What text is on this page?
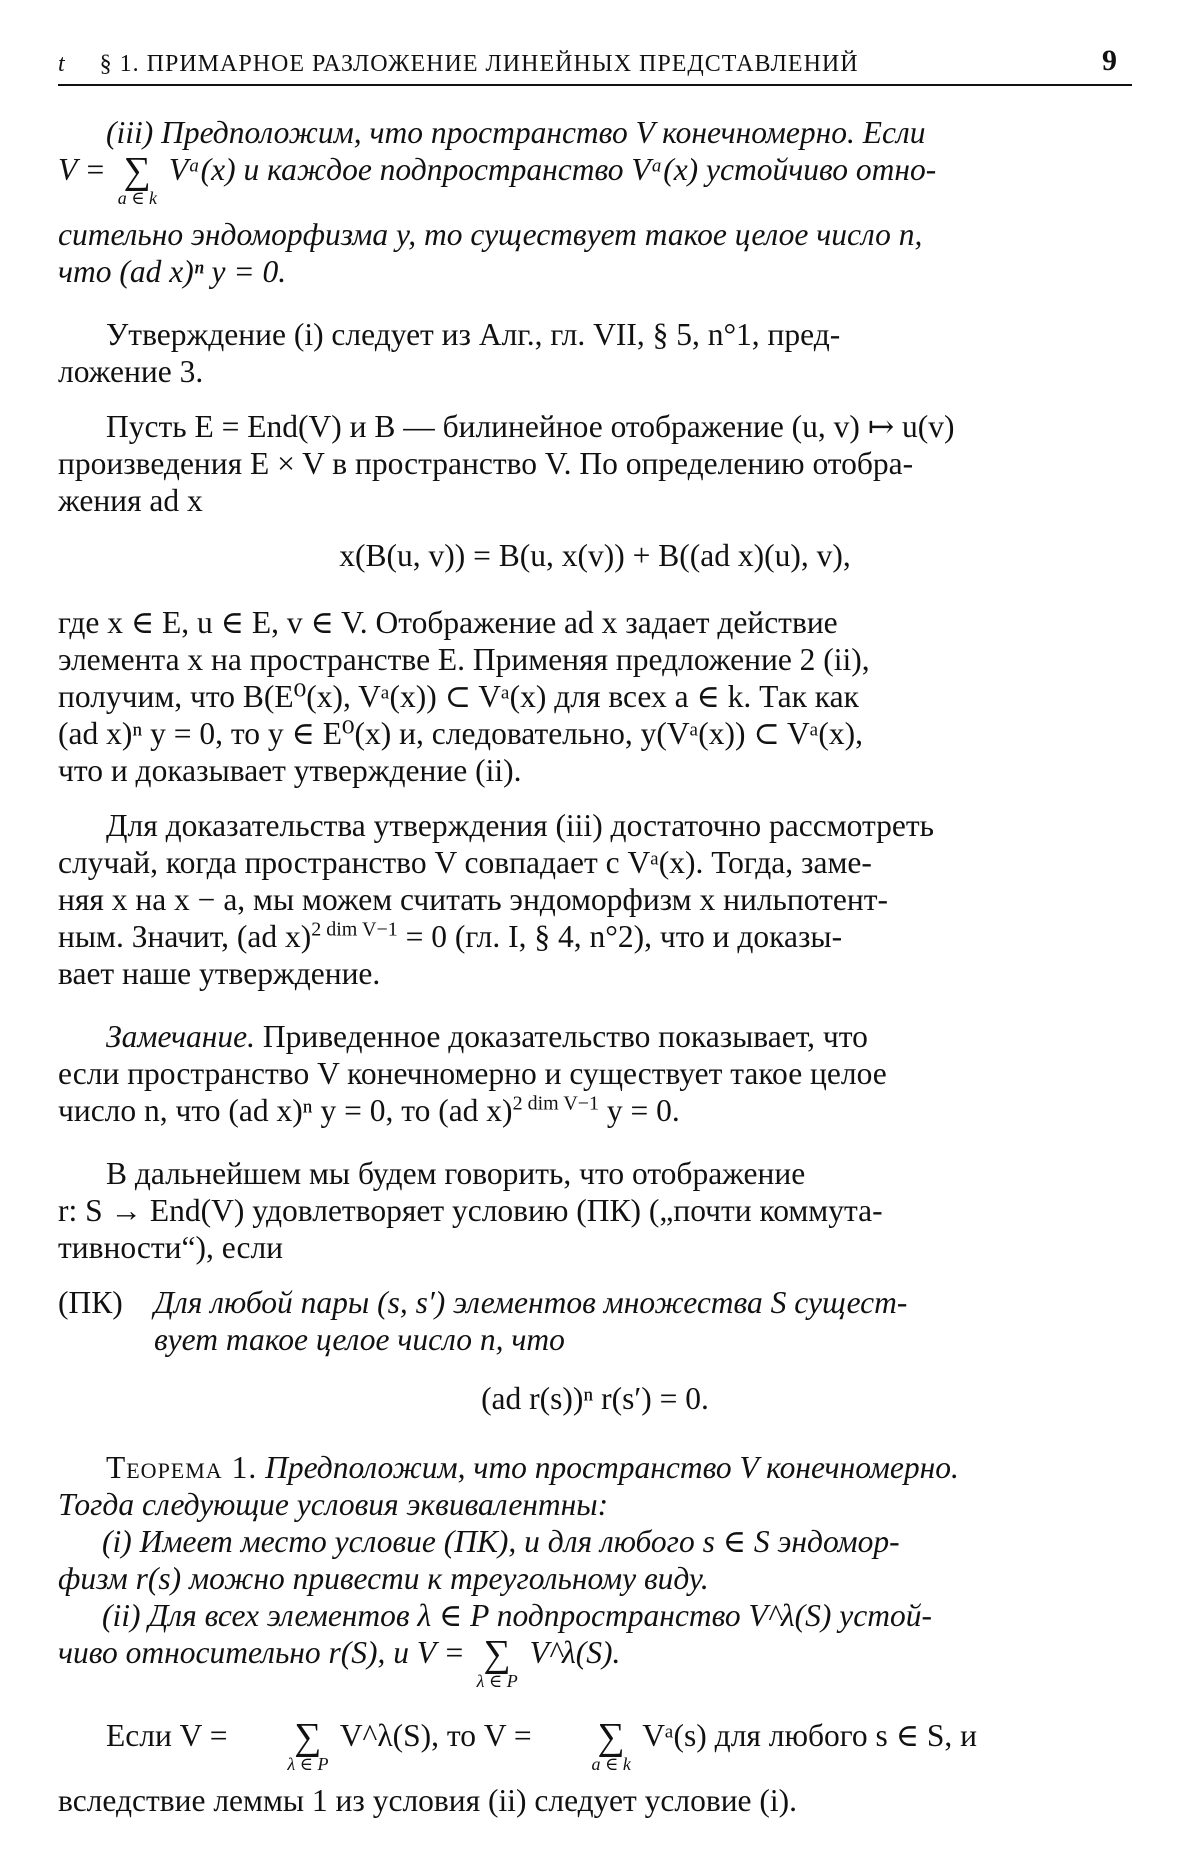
t § 1. ПРИМАРНОЕ РАЗЛОЖЕНИЕ ЛИНЕЙНЫХ ПРЕДСТАВЛЕНИЙ	9

(iii) Предположим, что пространство V конечномерно. Если

V = ∑
a ∈ k
Vᵃ(x) и каждое подпространство Vᵃ(x) устойчиво отно-

сительно эндоморфизма y, то существует такое целое число n,

что (ad x)ⁿ y = 0.

Утверждение (i) следует из Алг., гл. VII, § 5, n°1, пред-

ложение 3.

Пусть E = End(V) и B — билинейное отображение (u, v) ↦ u(v)

произведения E × V в пространство V. По определению отобра-

жения ad x

x(B(u, v)) = B(u, x(v)) + B((ad x)(u), v),

где x ∈ E, u ∈ E, v ∈ V. Отображение ad x задает действие

элемента x на пространстве E. Применяя предложение 2 (ii),

получим, что B(E⁰(x), Vᵃ(x)) ⊂ Vᵃ(x) для всех a ∈ k. Так как

(ad x)ⁿ y = 0, то y ∈ E⁰(x) и, следовательно, y(Vᵃ(x)) ⊂ Vᵃ(x),

что и доказывает утверждение (ii).

Для доказательства утверждения (iii) достаточно рассмотреть

случай, когда пространство V совпадает с Vᵃ(x). Тогда, заме-

няя x на x − a, мы можем считать эндоморфизм x нильпотент-

ным. Значит, (ad x)$^{2 dim V-1}$ = 0 (гл. I, § 4, n°2), что и доказы-

вает наше утверждение.

Замечание. Приведенное доказательство показывает, что

если пространство V конечномерно и существует такое целое

число n, что (ad x)ⁿ y = 0, то (ad x)$^{2 dim V-1}$ y = 0.

В дальнейшем мы будем говорить, что отображение

r: S → End(V) удовлетворяет условию (ПК) („почти коммута-

тивности“), если

(ПК) Для любой пары (s, s′) элементов множества S сущест-

вует такое целое число n, что

(ad r(s))ⁿ r(s′) = 0.

Теорема 1. Предположим, что пространство V конечномерно.

Тогда следующие условия эквивалентны:

(i) Имеет место условие (ПК), и для любого s ∈ S эндомор-

физм r(s) можно привести к треугольному виду.

(ii) Для всех элементов λ ∈ P подпространство V^λ(S) устой-

чиво относительно r(S), и V = ∑
λ ∈ P
V^λ(S).

Если V =	∑
λ ∈ P
V^λ(S), то V =	∑
a ∈ k
Vᵃ(s) для любого s ∈ S, и

вследствие леммы 1 из условия (ii) следует условие (i).
